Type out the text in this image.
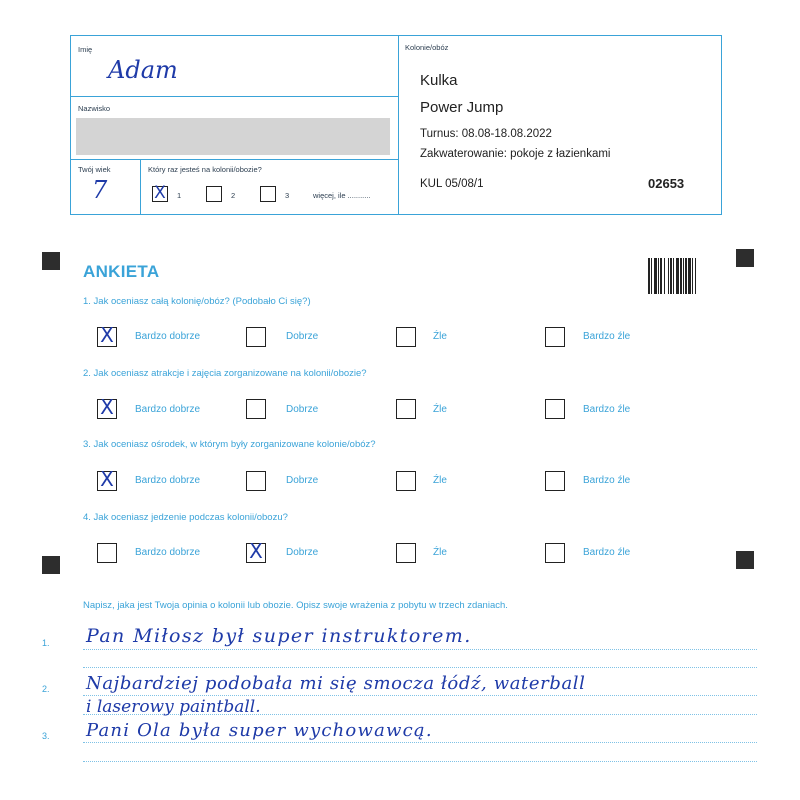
Imię
Adam
Nazwisko
Twój wiek
7
Który raz jesteś na kolonii/obozie?
X 1	2	3	więcej, ile ...........
Kolonie/obóz
Kulka
Power Jump
Turnus: 08.08-18.08.2022
Zakwaterowanie: pokoje z łazienkami
KUL 05/08/1	02653
ANKIETA
1. Jak oceniasz całą kolonię/obóz? (Podobało Ci się?)
X Bardzo dobrze	Dobrze	Źle	Bardzo źle
2. Jak oceniasz atrakcje i zajęcia zorganizowane na kolonii/obozie?
X Bardzo dobrze	Dobrze	Źle	Bardzo źle
3. Jak oceniasz ośrodek, w którym były zorganizowane kolonie/obóz?
X Bardzo dobrze	Dobrze	Źle	Bardzo źle
4. Jak oceniasz jedzenie podczas kolonii/obozu?
Bardzo dobrze X Dobrze	Źle	Bardzo źle
Napisz, jaka jest Twoja opinia o kolonii lub obozie. Opisz swoje wrażenia z pobytu w trzech zdaniach.
1.
2.
3.
Pan Miłosz był super instruktorem.
Najbardziej podobała mi się smocza łódź, waterball
i laserowy paintball.
Pani Ola była super wychowawcą.
